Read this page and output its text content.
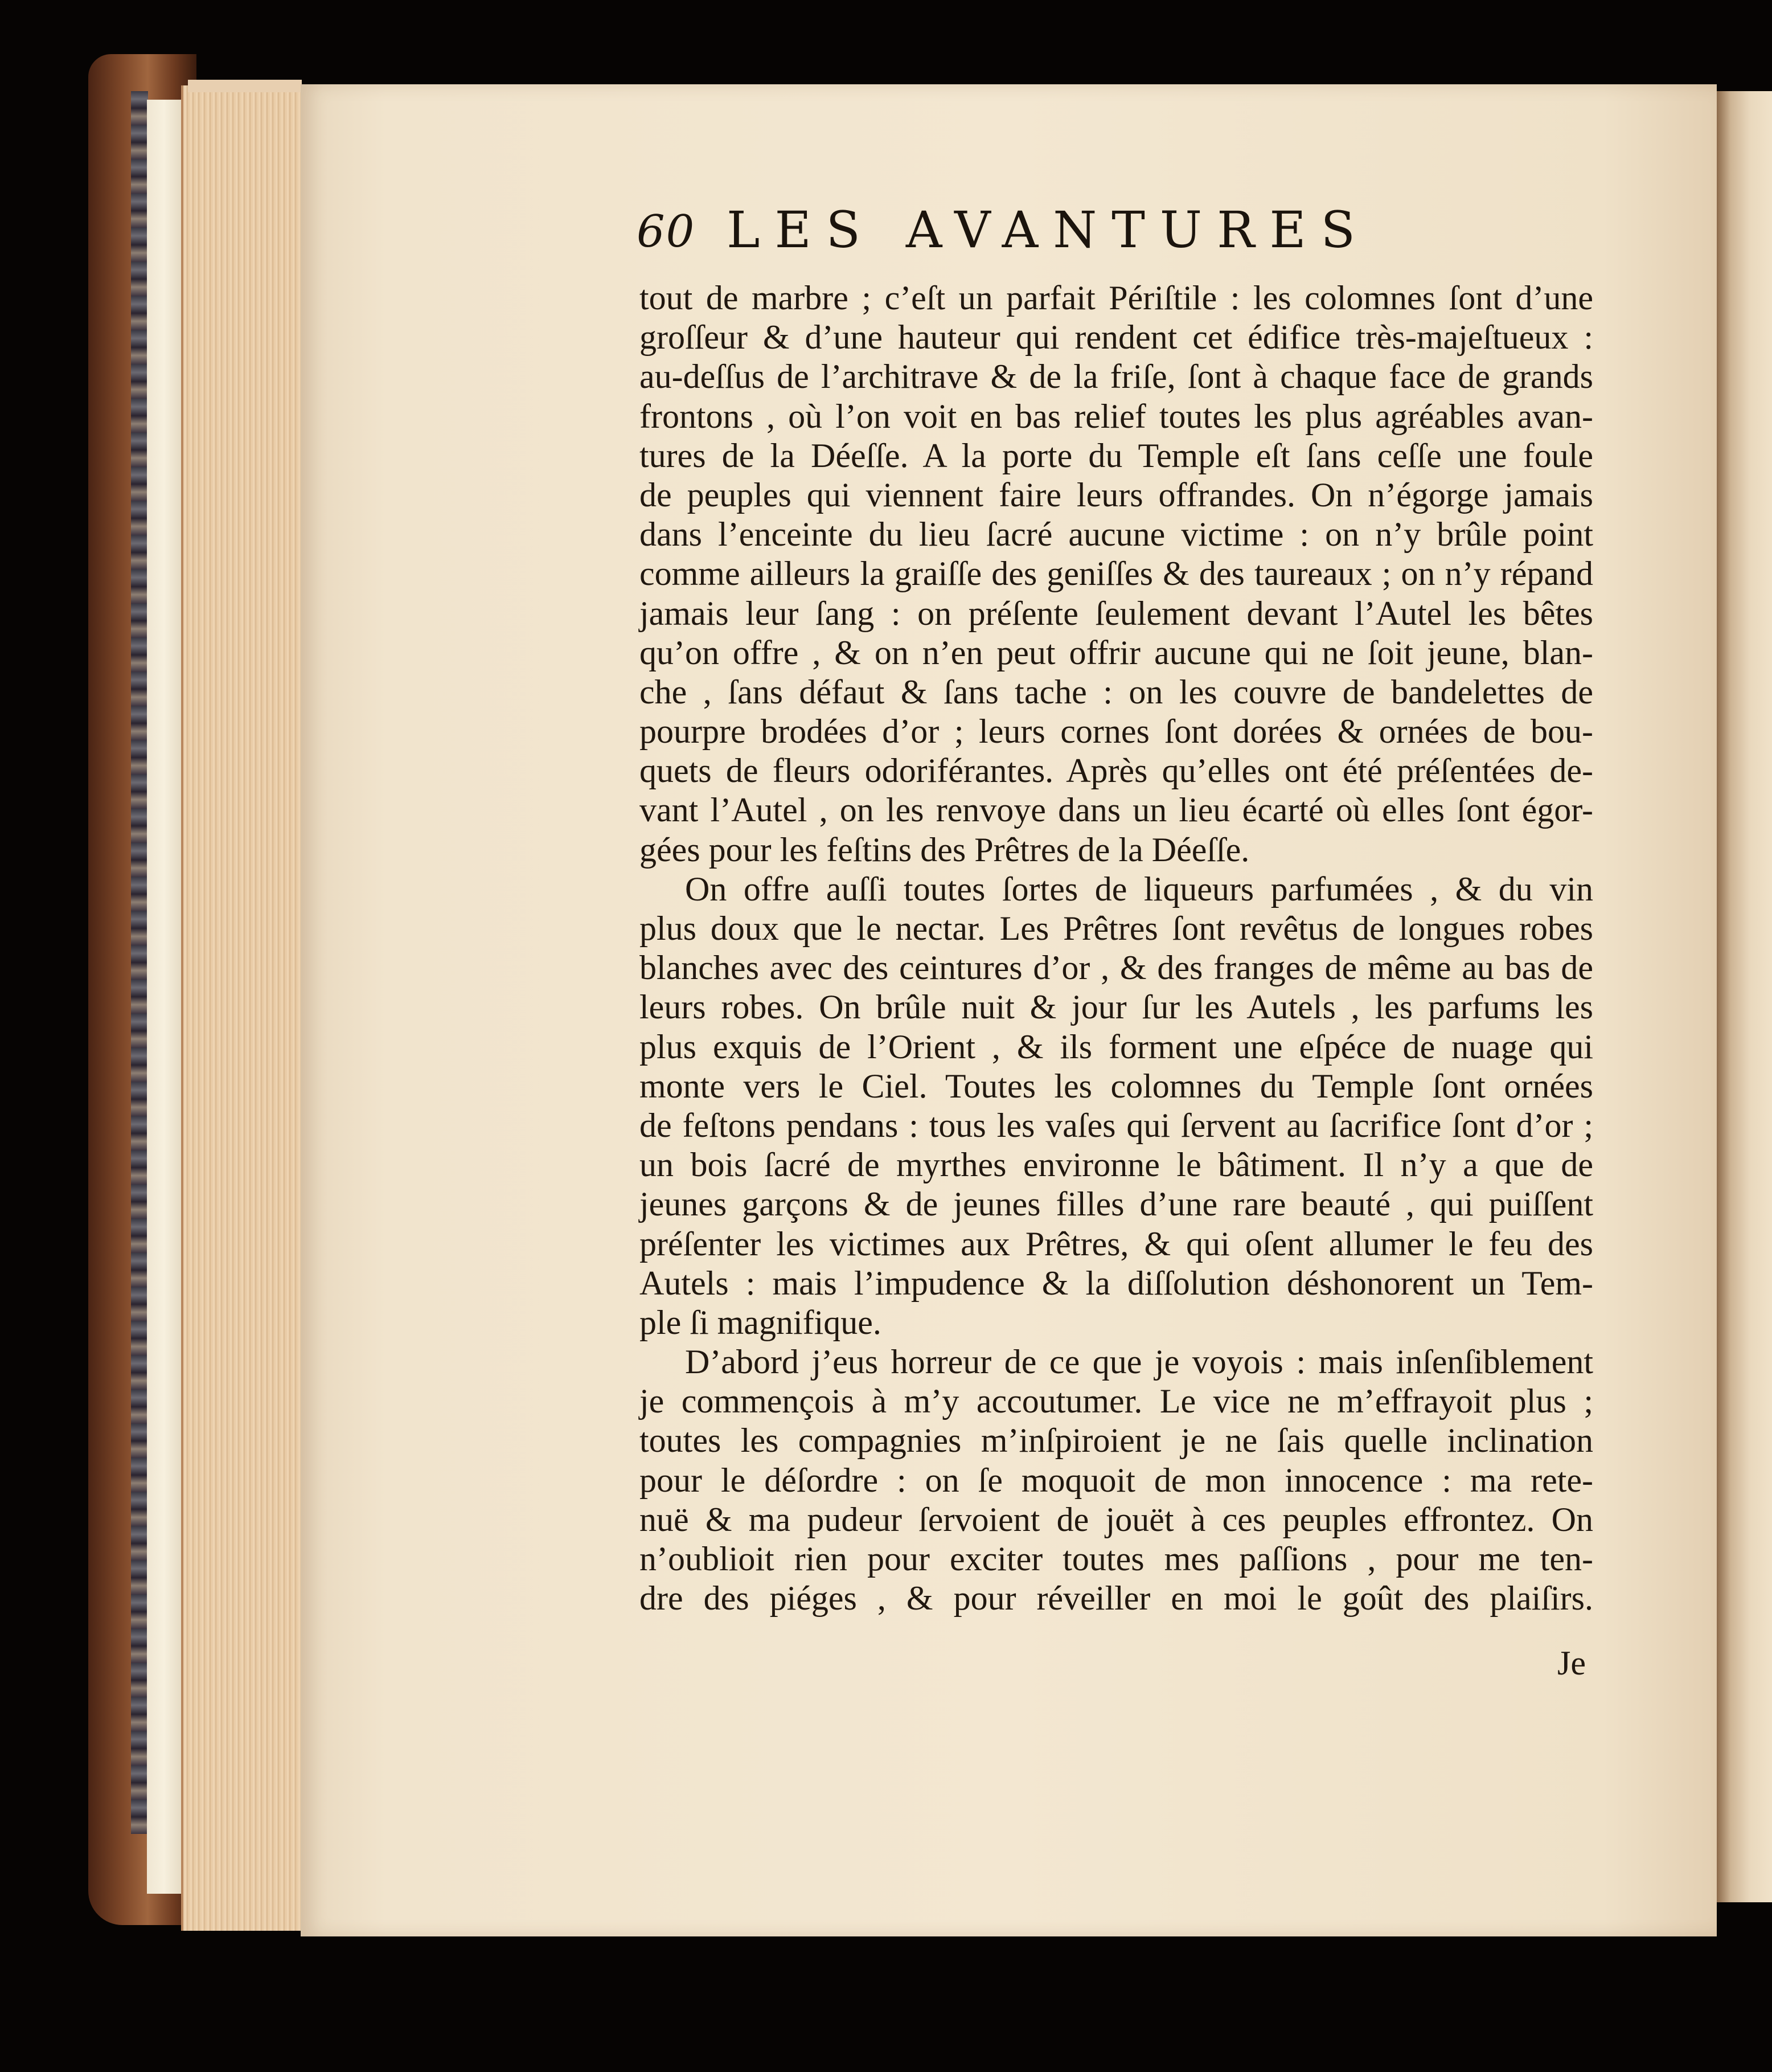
60 LES AVANTURES
tout de marbre ; c’eſt un parfait Périſtile : les colomnes ſont d’une
groſſeur & d’une hauteur qui rendent cet édifice très-majeſtueux :
au-deſſus de l’architrave & de la friſe, ſont à chaque face de grands
frontons , où l’on voit en bas relief toutes les plus agréables avan-
tures de la Déeſſe. A la porte du Temple eſt ſans ceſſe une foule
de peuples qui viennent faire leurs offrandes. On n’égorge jamais
dans l’enceinte du lieu ſacré aucune victime : on n’y brûle point
comme ailleurs la graiſſe des geniſſes & des taureaux ; on n’y répand
jamais leur ſang : on préſente ſeulement devant l’Autel les bêtes
qu’on offre , & on n’en peut offrir aucune qui ne ſoit jeune, blan-
che , ſans défaut & ſans tache : on les couvre de bandelettes de
pourpre brodées d’or ; leurs cornes ſont dorées & ornées de bou-
quets de fleurs odoriférantes. Après qu’elles ont été préſentées de-
vant l’Autel , on les renvoye dans un lieu écarté où elles ſont égor-
gées pour les feſtins des Prêtres de la Déeſſe.
On offre auſſi toutes ſortes de liqueurs parfumées , & du vin
plus doux que le nectar. Les Prêtres ſont revêtus de longues robes
blanches avec des ceintures d’or , & des franges de même au bas de
leurs robes. On brûle nuit & jour ſur les Autels , les parfums les
plus exquis de l’Orient , & ils forment une eſpéce de nuage qui
monte vers le Ciel. Toutes les colomnes du Temple ſont ornées
de feſtons pendans : tous les vaſes qui ſervent au ſacrifice ſont d’or ;
un bois ſacré de myrthes environne le bâtiment. Il n’y a que de
jeunes garçons & de jeunes filles d’une rare beauté , qui puiſſent
préſenter les victimes aux Prêtres, & qui oſent allumer le feu des
Autels : mais l’impudence & la diſſolution déshonorent un Tem-
ple ſi magnifique.
D’abord j’eus horreur de ce que je voyois : mais inſenſiblement
je commençois à m’y accoutumer. Le vice ne m’effrayoit plus ;
toutes les compagnies m’inſpiroient je ne ſais quelle inclination
pour le déſordre : on ſe moquoit de mon innocence : ma rete-
nuë & ma pudeur ſervoient de jouët à ces peuples effrontez. On
n’oublioit rien pour exciter toutes mes paſſions , pour me ten-
dre des piéges , & pour réveiller en moi le goût des plaiſirs.
Je
